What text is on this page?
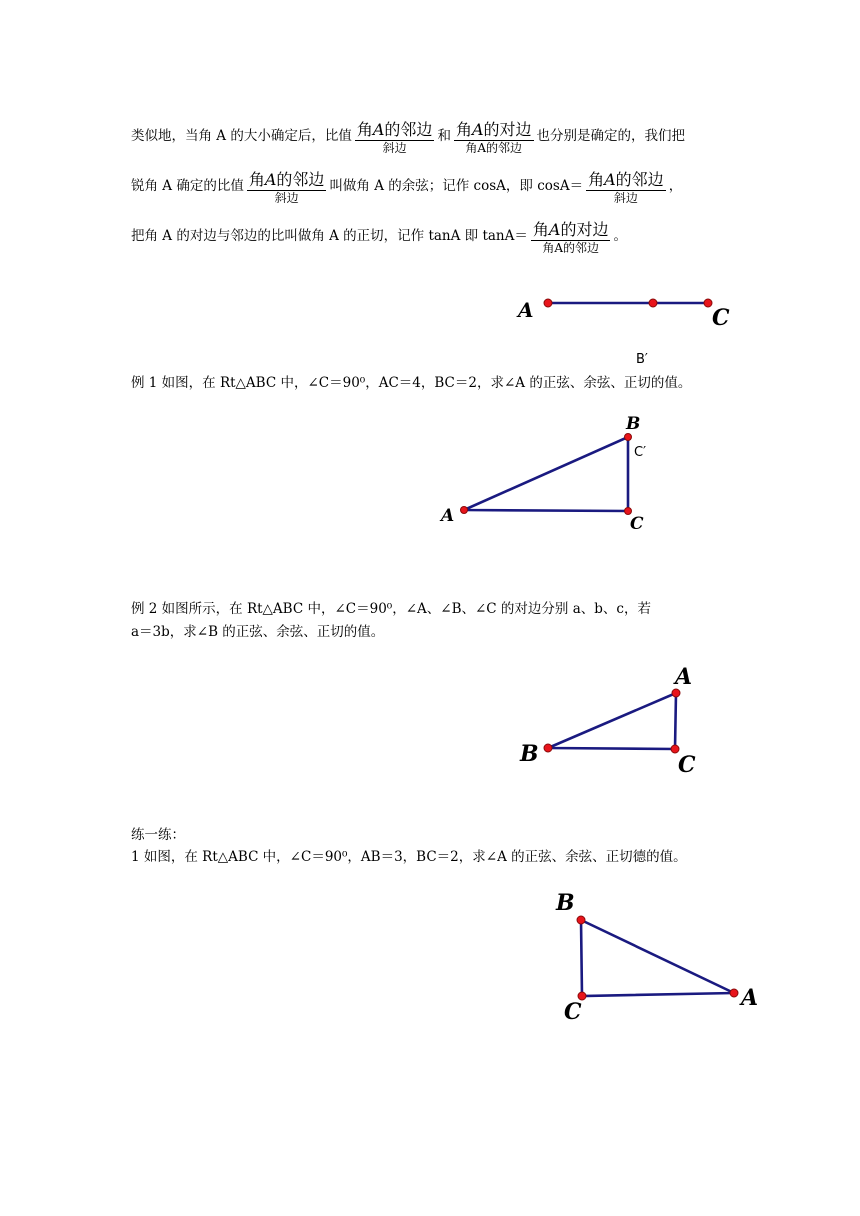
类似地，当角 A 的大小确定后，比值 $\frac{\text{角A的邻边}}{\text{斜边}}$ 和 $\frac{\text{角A的对边}}{\text{角A的邻边}}$ 也分别是确定的，我们把
锐角 A 确定的比值 $\frac{\text{角A的邻边}}{\text{斜边}}$ 叫做角 A 的余弦；记作 cosA，即 $\cos A= \frac{\text{角A的邻边}}{\text{斜边}}$ ，
把角 A 的对边与邻边的比叫做角 A 的正切，记作 tanA 即 $\tan A= \frac{\text{角A的对边}}{\text{角A的邻边}}$ 。
A	C
B′
例 1 如图，在 Rt△ABC 中，∠C＝90⁰，AC＝4，BC＝2，求∠A 的正弦、余弦、正切的值。
A
B
C
C′
例 2 如图所示，在 Rt△ABC 中，∠C＝90⁰，∠A、∠B、∠C 的对边分别 a、b、c，若
a＝3b，求∠B 的正弦、余弦、正切的值。
B
A
C
练一练：
1 如图，在 Rt△ABC 中，∠C＝90⁰，AB＝3，BC＝2，求∠A 的正弦、余弦、正切德的值。
B
A
C
